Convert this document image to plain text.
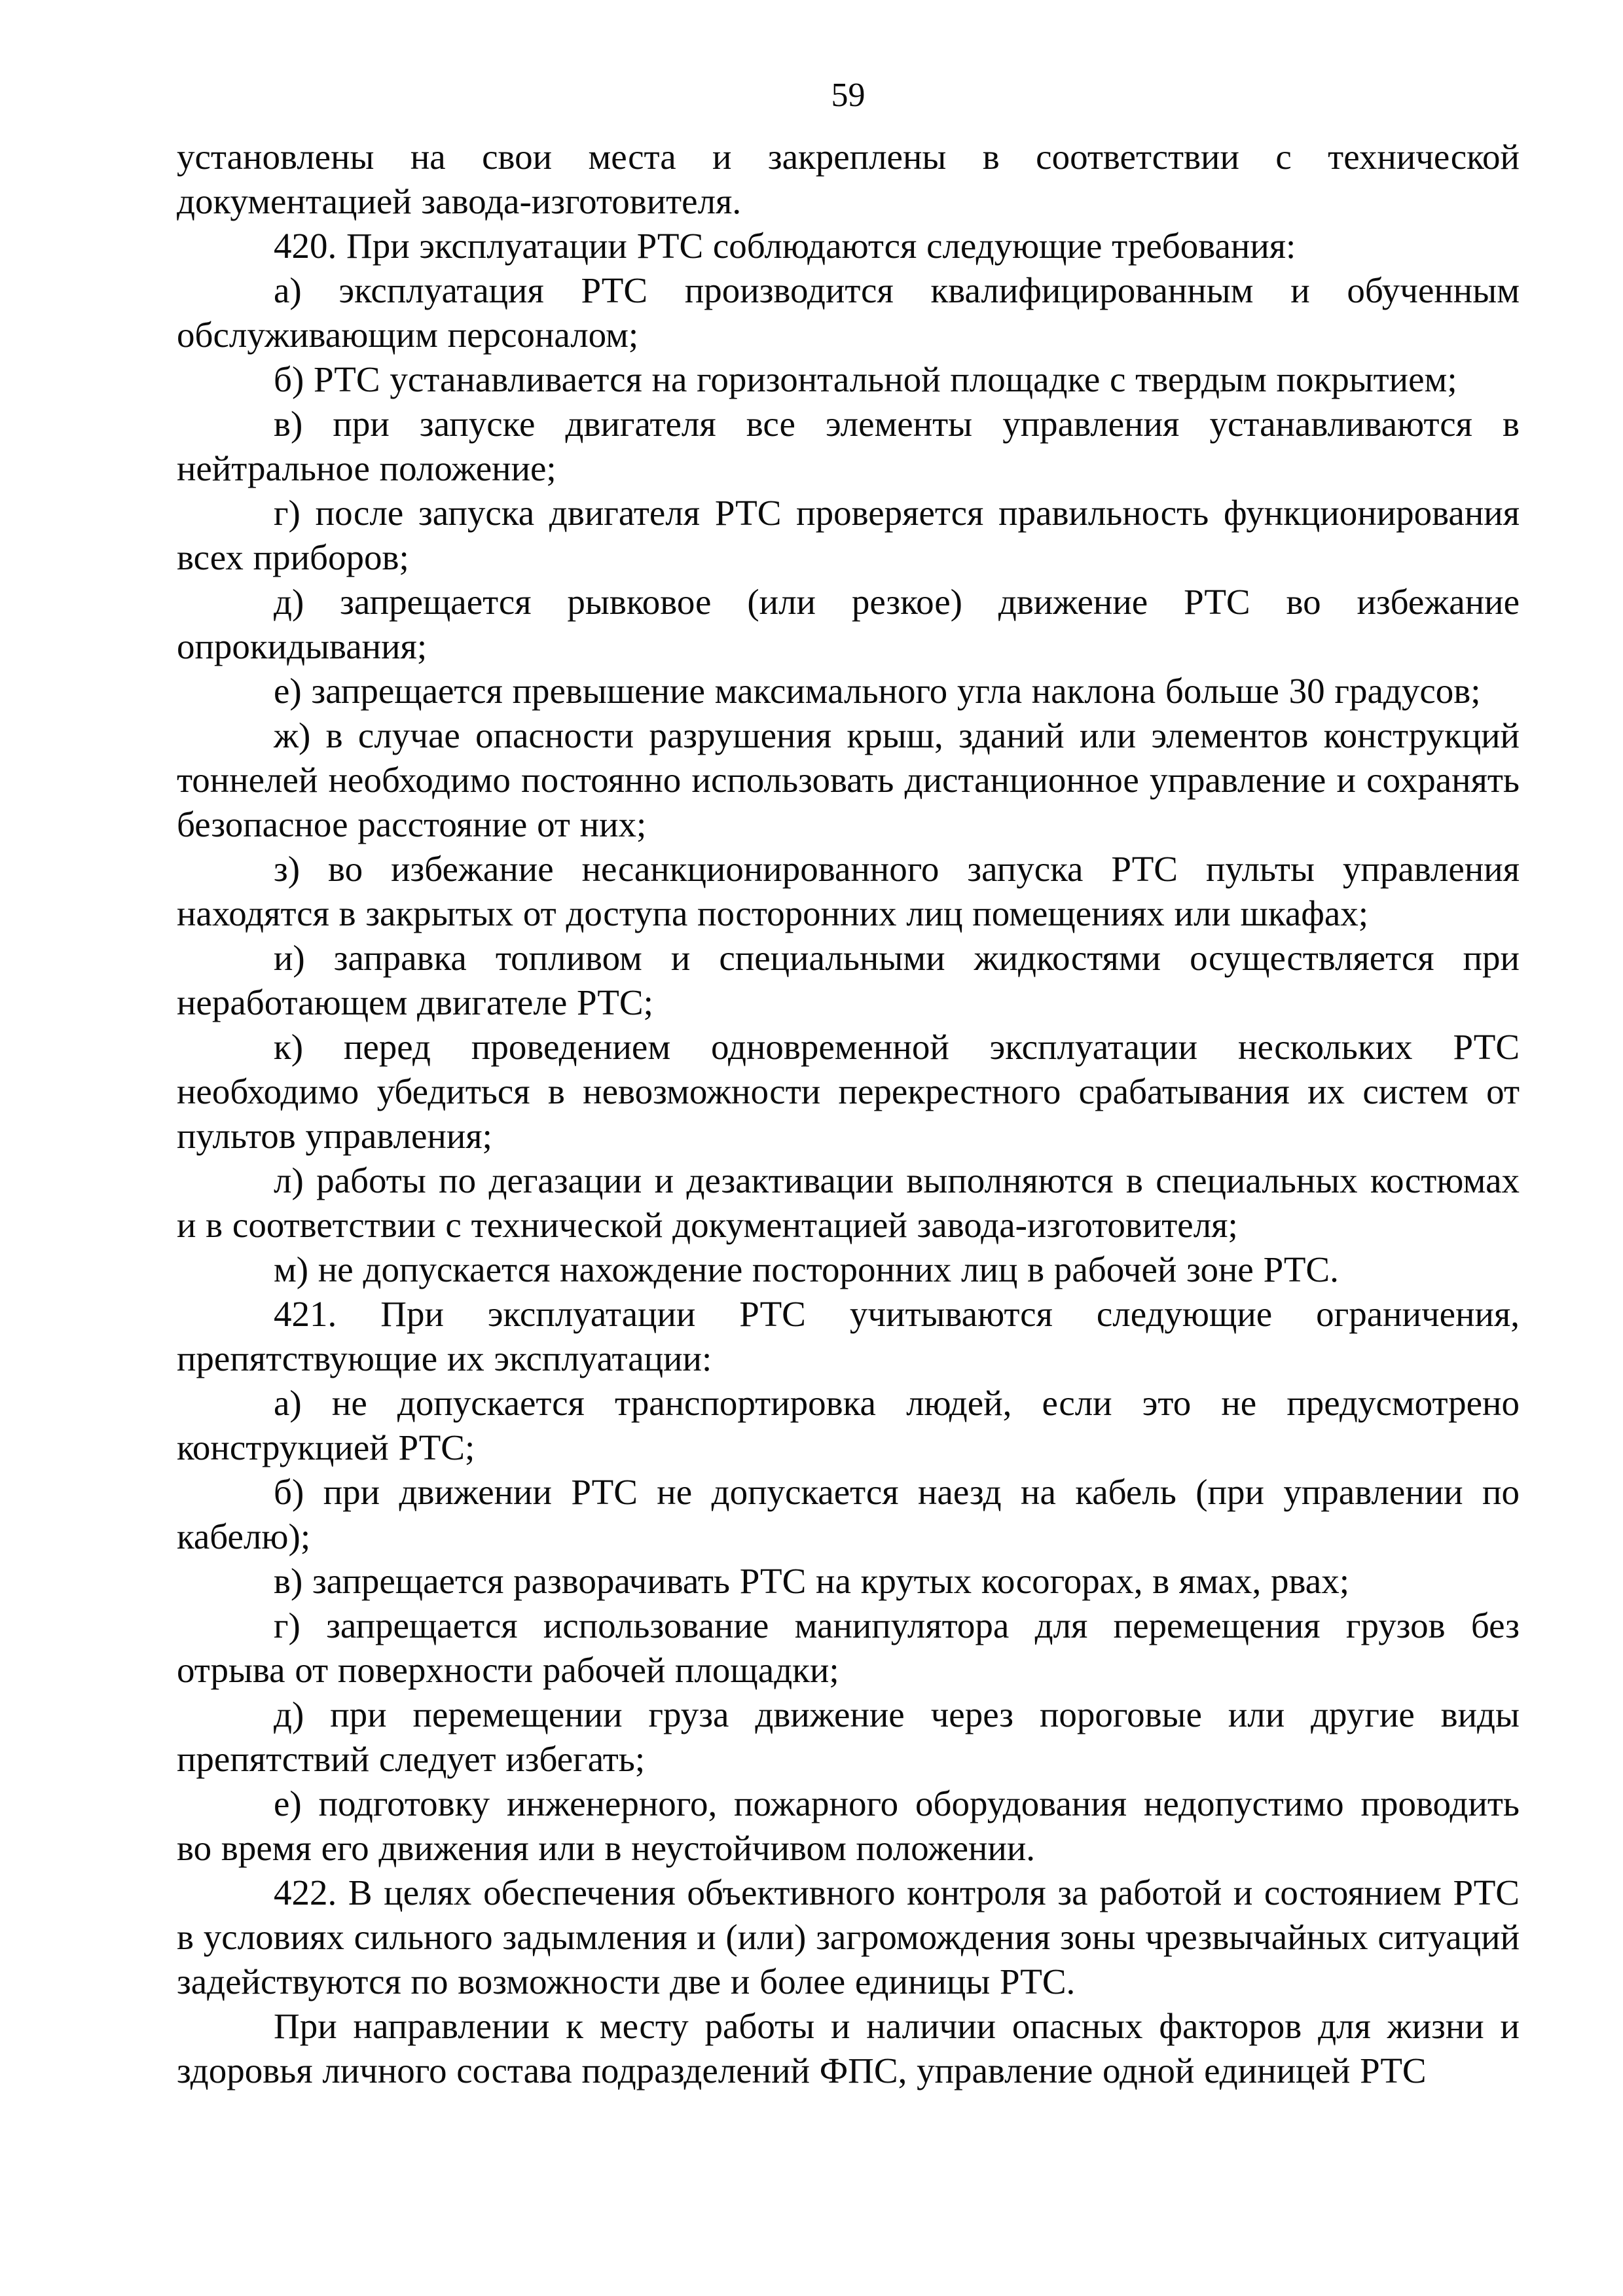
59

установлены на свои места и закреплены в соответствии с технической документацией завода-изготовителя.

420. При эксплуатации РТС соблюдаются следующие требования:

а) эксплуатация РТС производится квалифицированным и обученным обслуживающим персоналом;

б) РТС устанавливается на горизонтальной площадке с твердым покрытием;

в) при запуске двигателя все элементы управления устанавливаются в нейтральное положение;

г) после запуска двигателя РТС проверяется правильность функционирования всех приборов;

д) запрещается рывковое (или резкое) движение РТС во избежание опрокидывания;

е) запрещается превышение максимального угла наклона больше 30 градусов;

ж) в случае опасности разрушения крыш, зданий или элементов конструкций тоннелей необходимо постоянно использовать дистанционное управление и сохранять безопасное расстояние от них;

з) во избежание несанкционированного запуска РТС пульты управления находятся в закрытых от доступа посторонних лиц помещениях или шкафах;

и) заправка топливом и специальными жидкостями осуществляется при неработающем двигателе РТС;

к) перед проведением одновременной эксплуатации нескольких РТС необходимо убедиться в невозможности перекрестного срабатывания их систем от пультов управления;

л) работы по дегазации и дезактивации выполняются в специальных костюмах и в соответствии с технической документацией завода-изготовителя;

м) не допускается нахождение посторонних лиц в рабочей зоне РТС.

421. При эксплуатации РТС учитываются следующие ограничения, препятствующие их эксплуатации:

а) не допускается транспортировка людей, если это не предусмотрено конструкцией РТС;

б) при движении РТС не допускается наезд на кабель (при управлении по кабелю);

в) запрещается разворачивать РТС на крутых косогорах, в ямах, рвах;

г) запрещается использование манипулятора для перемещения грузов без отрыва от поверхности рабочей площадки;

д) при перемещении груза движение через пороговые или другие виды препятствий следует избегать;

е) подготовку инженерного, пожарного оборудования недопустимо проводить во время его движения или в неустойчивом положении.

422. В целях обеспечения объективного контроля за работой и состоянием РТС в условиях сильного задымления и (или) загромождения зоны чрезвычайных ситуаций задействуются по возможности две и более единицы РТС.

При направлении к месту работы и наличии опасных факторов для жизни и здоровья личного состава подразделений ФПС, управление одной единицей РТС
